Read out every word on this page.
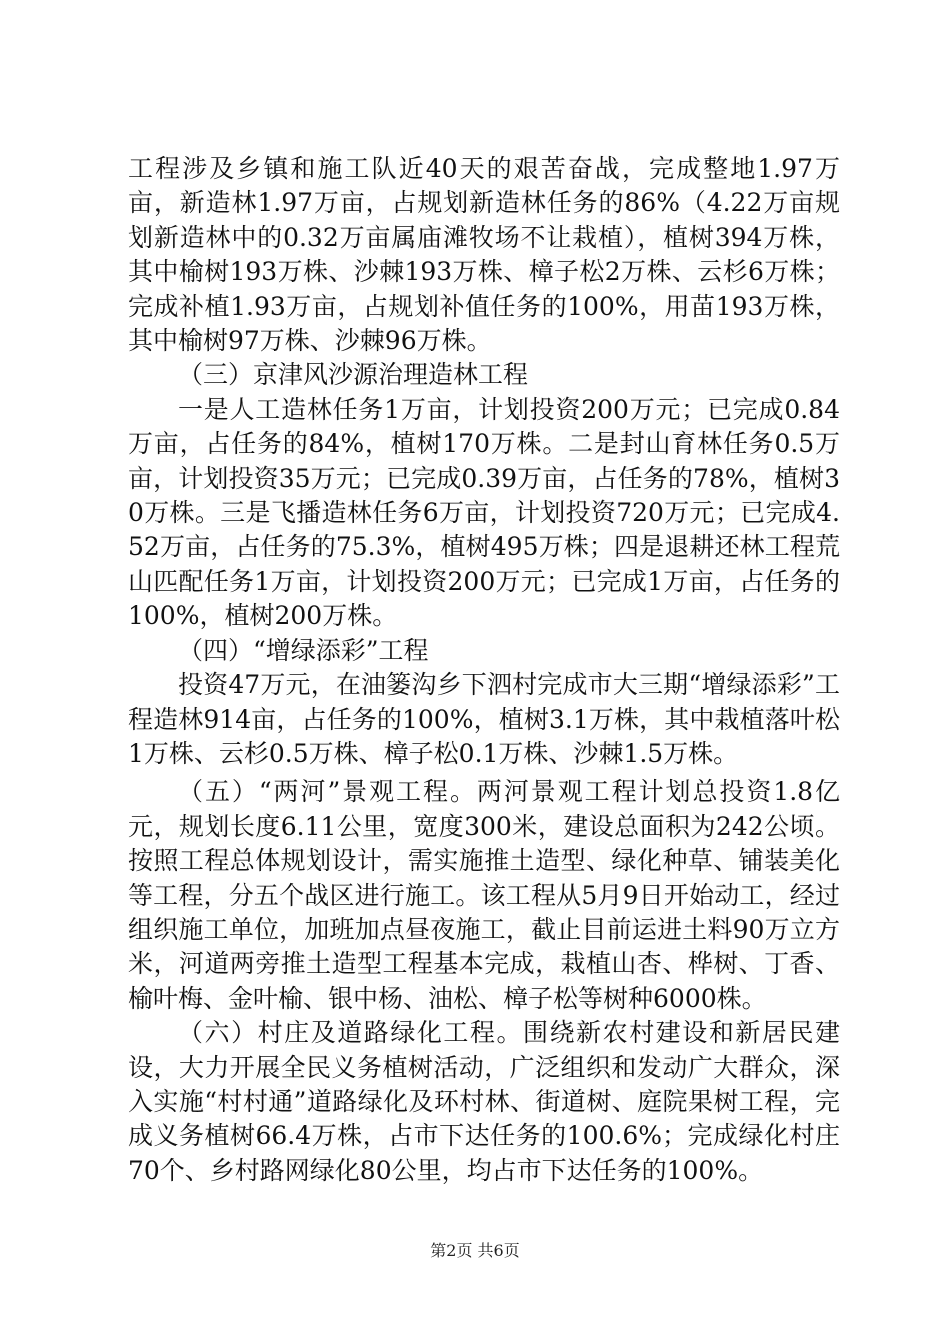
工程涉及乡镇和施工队近40天的艰苦奋战，完成整地1.97万亩，新造林1.97万亩，占规划新造林任务的86%（4.22万亩规划新造林中的0.32万亩属庙滩牧场不让栽植），植树394万株，其中榆树193万株、沙棘193万株、樟子松2万株、云杉6万株；完成补植1.93万亩，占规划补值任务的100%，用苗193万株，其中榆树97万株、沙棘96万株。

（三）京津风沙源治理造林工程

一是人工造林任务1万亩，计划投资200万元；已完成0.84万亩，占任务的84%，植树170万株。二是封山育林任务0.5万亩，计划投资35万元；已完成0.39万亩，占任务的78%，植树30万株。三是飞播造林任务6万亩，计划投资720万元；已完成4.52万亩，占任务的75.3%，植树495万株；四是退耕还林工程荒山匹配任务1万亩，计划投资200万元；已完成1万亩，占任务的100%，植树200万株。

（四）“增绿添彩”工程

投资47万元，在油篓沟乡下泗村完成市大三期“增绿添彩”工程造林914亩，占任务的100%，植树3.1万株，其中栽植落叶松1万株、云杉0.5万株、樟子松0.1万株、沙棘1.5万株。

（五）“两河”景观工程。两河景观工程计划总投资1.8亿元，规划长度6.11公里，宽度300米，建设总面积为242公顷。按照工程总体规划设计，需实施推土造型、绿化种草、铺装美化等工程，分五个战区进行施工。该工程从5月9日开始动工，经过组织施工单位，加班加点昼夜施工，截止目前运进土料90万立方米，河道两旁推土造型工程基本完成，栽植山杏、桦树、丁香、榆叶梅、金叶榆、银中杨、油松、樟子松等树种6000株。

（六）村庄及道路绿化工程。围绕新农村建设和新居民建设，大力开展全民义务植树活动，广泛组织和发动广大群众，深入实施“村村通”道路绿化及环村林、街道树、庭院果树工程，完成义务植树66.4万株，占市下达任务的100.6%；完成绿化村庄70个、乡村路网绿化80公里，均占市下达任务的100%。

第2页 共6页
